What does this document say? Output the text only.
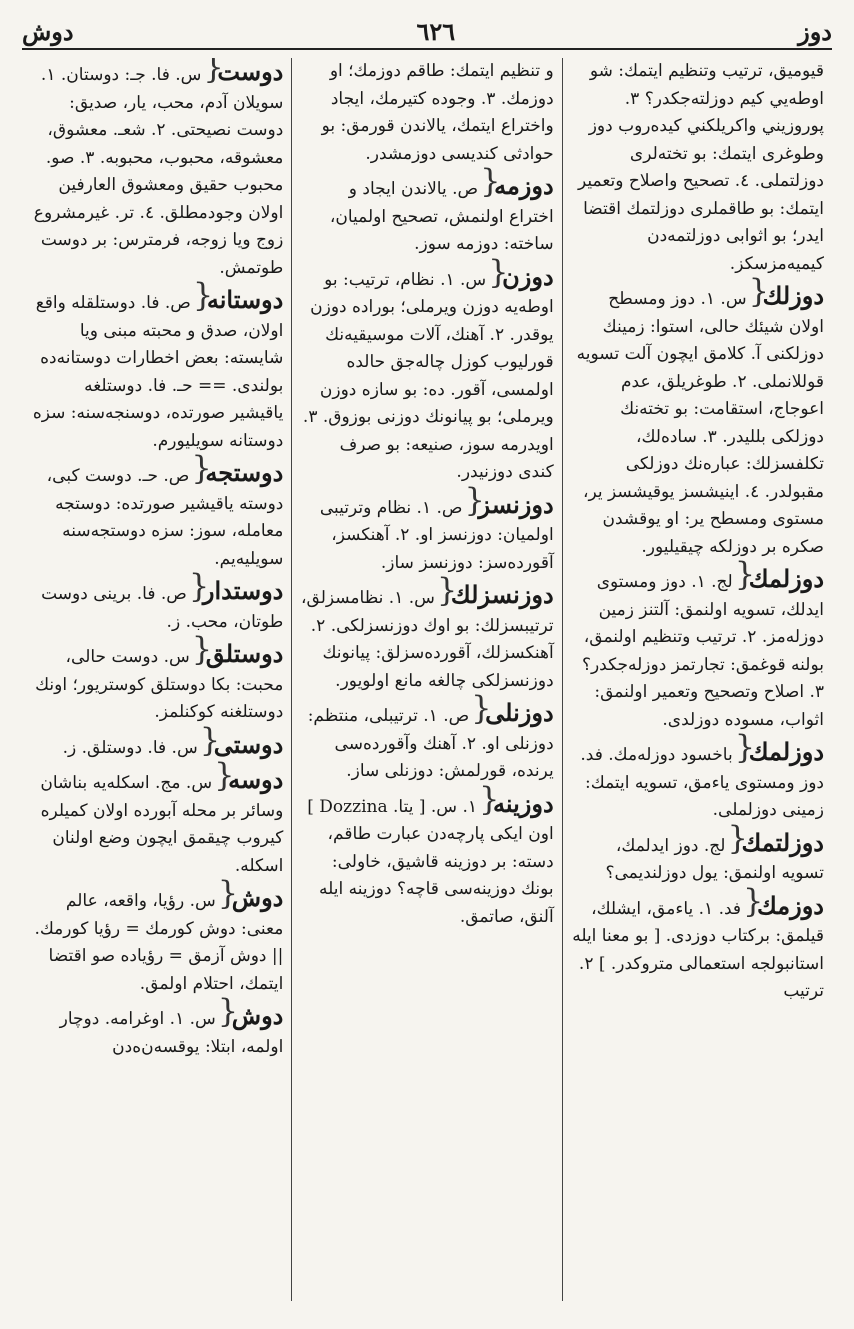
دوش	٦٢٦	دوز
قيوميق، ترتيب وتنظيم ايتمك: شو اوطه‌يي كيم دوزلته‌جكدر؟ ۳. پوروزيني واكريلكني كيده‌روب دوز وطوغرى ايتمك: بو تخته‌لرى دوزلتملى. ٤. تصحيح واصلاح وتعمير ايتمك: بو طاقملرى دوزلتمك اقتضا ايدر؛ بو اثوابى دوزلتمه‌دن كيميه‌مزسكز.
دوزلك {س. ۱. دوز ومسطح اولان شيئك حالى، استوا: زمينك دوزلكنى آ. كلامق ايچون آلت تسويه قوللانملى. ۲. طوغريلق، عدم اعوجاج، استقامت: بو تخته‌نك دوزلكى بلليدر. ۳. ساده‌لك، تكلفسزلك: عباره‌نك دوزلكى مقبولدر. ٤. اينيشسز يوقيشسز ير، مستوى ومسطح ير: او يوقشدن صكره بر دوزلكه چيقيليور.
دوزلمك {لج. ۱. دوز ومستوى ايدلك، تسويه اولنمق: آلتنز زمين دوزله‌مز. ۲. ترتيب وتنظيم اولنمق، بولنه قوغمق: تجارتمز دوزله‌جكدر؟ ۳. اصلاح وتصحيح وتعمير اولنمق: اثواب، مسوده دوزلدى.
دوزلمك {باخسود دوزله‌مك. فد. دوز ومستوى ياءمق، تسويه ايتمك: زمينى دوزلملى.
دوزلتمك {لج. دوز ايدلمك، تسويه اولنمق: يول دوزلنديمى؟
دوزمك {فد. ۱. ياءمق، ايشلك، قيلمق: بركتاب دوزدى. [ بو معنا ايله استانبولجه استعمالى متروكدر. ] ۲. ترتيب
و تنظيم ايتمك: طاقم دوزمك؛ او دوزمك. ۳. وجوده كتيرمك، ايجاد واختراع ايتمك، يالاندن قورمق: بو حوادثى كنديسى دوزمشدر.
دوزمه {ص. يالاندن ايجاد و اختراع اولنمش، تصحيح اولميان، ساخته: دوزمه سوز.
دوزن {س. ۱. نظام، ترتيب: بو اوطه‌يه دوزن ويرملى؛ بوراده دوزن يوقدر. ۲. آهنك، آلات موسيقيه‌نك قورليوب كوزل چاله‌جق حالده اولمسى، آقور. ده: بو سازه دوزن ويرملى؛ بو پيانونك دوزنى بوزوق. ۳. اويدرمه سوز، صنيعه: بو صرف كندى دوزنيدر.
دوزنسز {ص. ۱. نظام وترتيبى اولميان: دوزنسز او. ۲. آهنكسز، آقورده‌سز: دوزنسز ساز.
دوزنسزلك {س. ۱. نظامسزلق، ترتيبسزلك: بو اوك دوزنسزلكى. ۲. آهنكسزلك، آقورده‌سزلق: پيانونك دوزنسزلكى چالغه مانع اولويور.
دوزنلى {ص. ۱. ترتيبلى، منتظم: دوزنلى او. ۲. آهنك وآقورده‌سى يرنده، قورلمش: دوزنلى ساز.
دوزينه {۱. س. [ يتا. Dozzina ] اون ايكى پارچه‌دن عبارت طاقم، دسته: بر دوزينه قاشيق، خاولى: بونك دوزينه‌سى قاچه؟ دوزينه ايله آلنق، صاتمق.
دوست {س. فا. جـ: دوستان. ۱. سويلان آدم، محب، يار، صديق: دوست نصيحتى. ۲. شعـ. معشوق، معشوقه، محبوب، محبوبه. ۳. صو. محبوب حقيق ومعشوق العارفين اولان وجودمطلق. ٤. تر. غيرمشروع زوج ويا زوجه، فرمترس: بر دوست طوتمش.
دوستانه {ص. فا. دوستلقله واقع اولان، صدق و محبته مبنى ويا شايسته: بعض اخطارات دوستانه‌ده بولندى. == حـ. فا. دوستلغه ياقيشير صورتده، دوسنجه‌سنه: سزه دوستانه سويليورم.
دوستجه {ص. حـ. دوست كبى، دوسته ياقيشير صورتده: دوستجه معامله، سوز: سزه دوستجه‌سنه سويليه‌يم.
دوستدار {ص. فا. برينى دوست طوتان، محب. ز.
دوستلق {س. دوست حالى، محبت: بكا دوستلق كوستريور؛ اونك دوستلغنه كوكنلمز.
دوستى {س. فا. دوستلق. ز.
دوسه {س. مج. اسكله‌يه بناشان وسائر بر محله آبورده اولان كميلره كيروب چيقمق ايچون وضع اولنان اسكله.
دوش {س. رؤيا، واقعه، عالم معنى: دوش كورمك = رؤيا كورمك. || دوش آزمق = رؤياده صو اقتضا ايتمك، احتلام اولمق.
دوش {س. ۱. اوغرامه. دوچار اولمه، ابتلا: يوقسه‌ن‌ه‌دن
